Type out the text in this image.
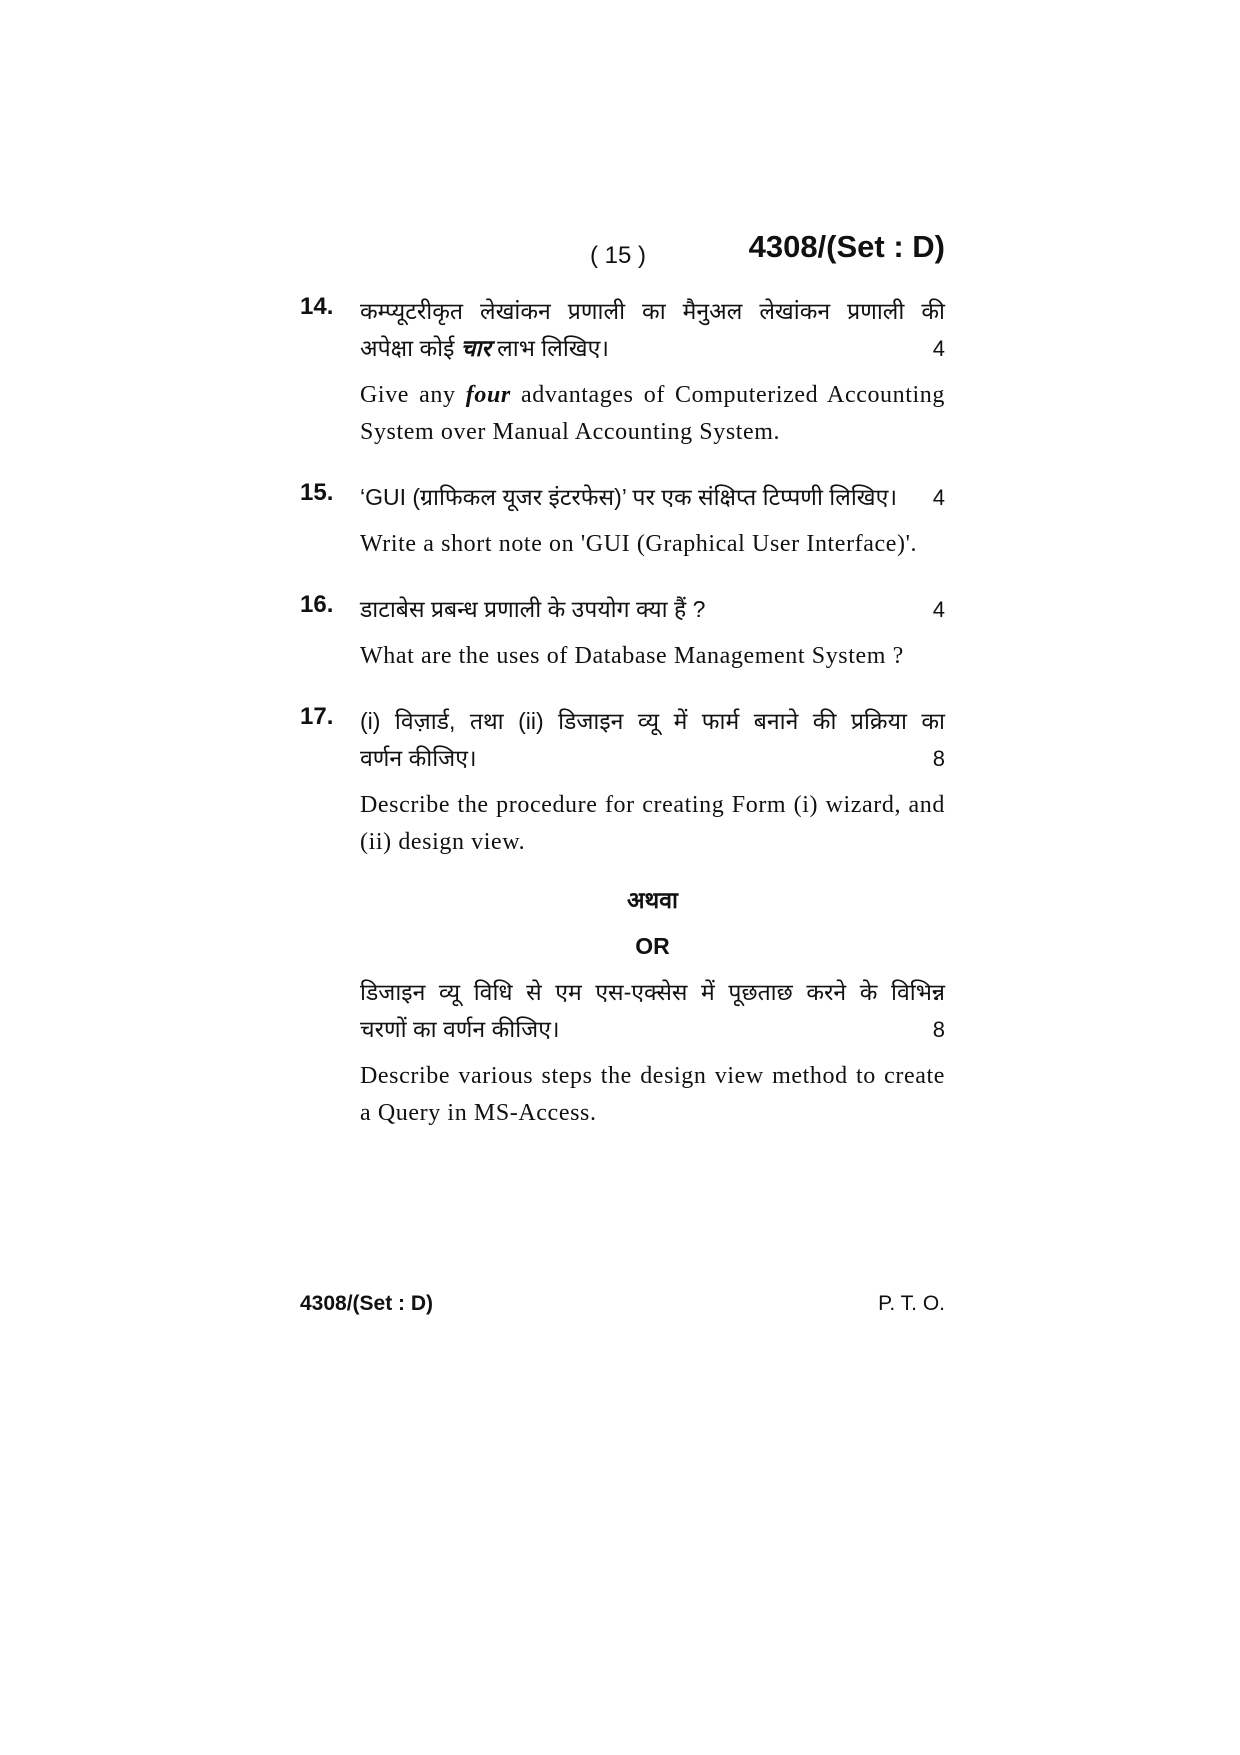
( 15 )	4308/(Set : D)
14. कम्प्यूटरीकृत लेखांकन प्रणाली का मैनुअल लेखांकन प्रणाली की
अपेक्षा कोई चार लाभ लिखिए।	4
Give any four advantages of Computerized Accounting System over Manual Accounting System.
15. ‘GUI (ग्राफिकल यूजर इंटरफेस)’ पर एक संक्षिप्त टिप्पणी लिखिए। 4
Write a short note on 'GUI (Graphical User Interface)'.
16. डाटाबेस प्रबन्ध प्रणाली के उपयोग क्या हैं ?	4
What are the uses of Database Management System ?
17. (i) विज़ार्ड, तथा (ii) डिजाइन व्यू में फार्म बनाने की प्रक्रिया का
वर्णन कीजिए।	8
Describe the procedure for creating Form (i) wizard, and (ii) design view.
अथवा
OR
डिजाइन व्यू विधि से एम एस-एक्सेस में पूछताछ करने के विभिन्न
चरणों का वर्णन कीजिए।	8
Describe various steps the design view method to create a Query in MS-Access.
4308/(Set : D)	P. T. O.
